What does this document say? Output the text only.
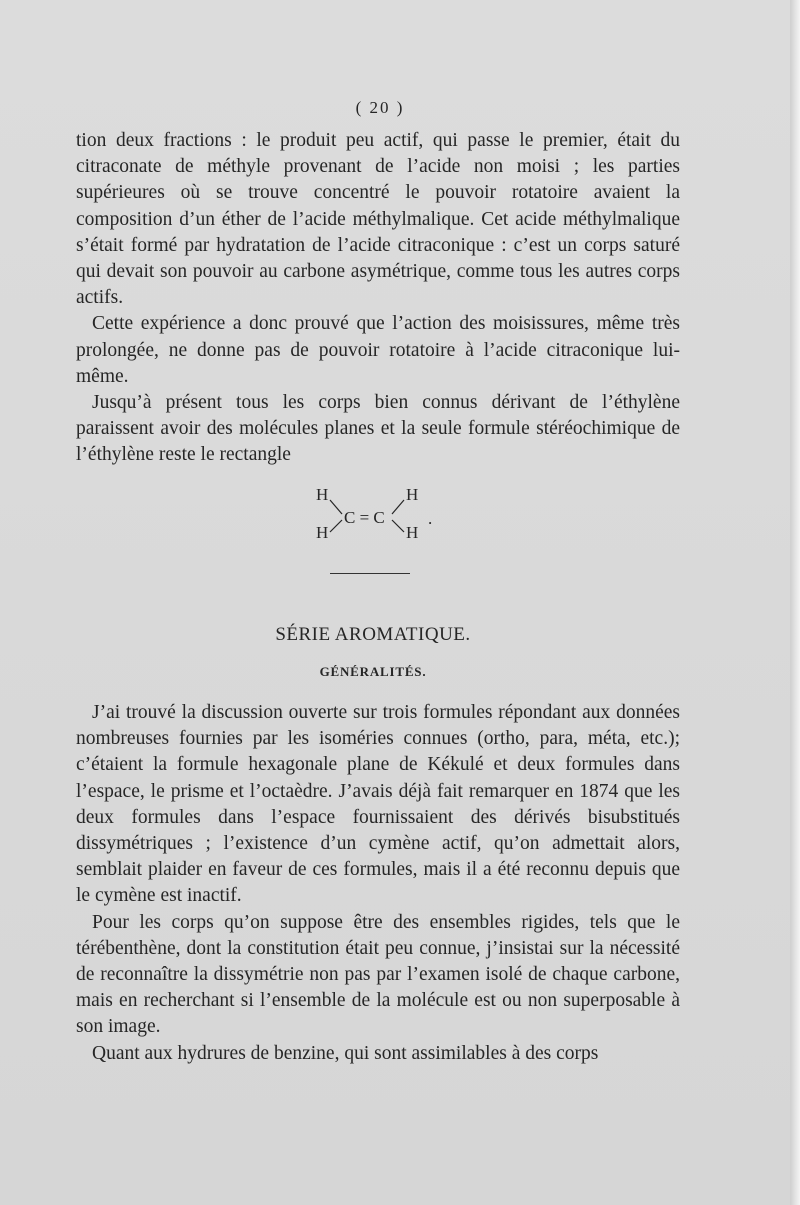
( 20 )

tion deux fractions : le produit peu actif, qui passe le premier, était du citraconate de méthyle provenant de l’acide non moisi ; les parties supérieures où se trouve concentré le pouvoir rotatoire avaient la composition d’un éther de l’acide méthylmalique. Cet acide méthylmalique s’était formé par hydratation de l’acide citraconique : c’est un corps saturé qui devait son pouvoir au carbone asymétrique, comme tous les autres corps actifs.

Cette expérience a donc prouvé que l’action des moisissures, même très prolongée, ne donne pas de pouvoir rotatoire à l’acide citraconique lui-même.

Jusqu’à présent tous les corps bien connus dérivant de l’éthylène paraissent avoir des molécules planes et la seule formule stéréochimique de l’éthylène reste le rectangle

H
H
C = C
H
H
.
SÉRIE AROMATIQUE.
GÉNÉRALITÉS.

J’ai trouvé la discussion ouverte sur trois formules répondant aux données nombreuses fournies par les isoméries connues (ortho, para, méta, etc.); c’étaient la formule hexagonale plane de Kékulé et deux formules dans l’espace, le prisme et l’octaèdre. J’avais déjà fait remarquer en 1874 que les deux formules dans l’espace fournissaient des dérivés bisubstitués dissymétriques ; l’existence d’un cymène actif, qu’on admettait alors, semblait plaider en faveur de ces formules, mais il a été reconnu depuis que le cymène est inactif.

Pour les corps qu’on suppose être des ensembles rigides, tels que le térébenthène, dont la constitution était peu connue, j’insistai sur la nécessité de reconnaître la dissymétrie non pas par l’examen isolé de chaque carbone, mais en recherchant si l’ensemble de la molécule est ou non superposable à son image.

Quant aux hydrures de benzine, qui sont assimilables à des corps
